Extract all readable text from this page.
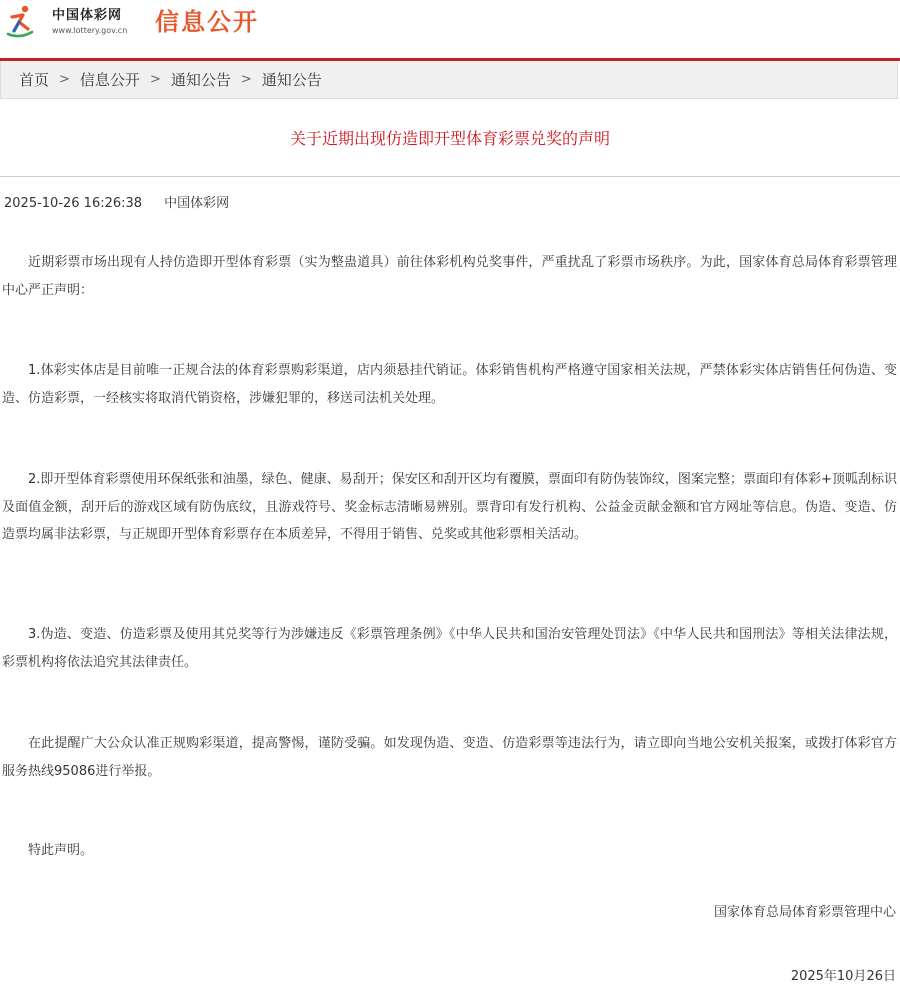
中国体彩网
www.lottery.gov.cn 信息公开
首页 > 信息公开 > 通知公告 > 通知公告
关于近期出现仿造即开型体育彩票兑奖的声明
2025-10-26 16:26:38 中国体彩网
近期彩票市场出现有人持仿造即开型体育彩票（实为整蛊道具）前往体彩机构兑奖事件，严重扰乱了彩票市场秩序。为此，国家体育总局体育彩票管理中心严正声明：
1.体彩实体店是目前唯一正规合法的体育彩票购彩渠道，店内须悬挂代销证。体彩销售机构严格遵守国家相关法规，严禁体彩实体店销售任何伪造、变造、仿造彩票，一经核实将取消代销资格，涉嫌犯罪的，移送司法机关处理。
2.即开型体育彩票使用环保纸张和油墨，绿色、健康、易刮开；保安区和刮开区均有覆膜，票面印有防伪装饰纹，图案完整；票面印有体彩+顶呱刮标识及面值金额，刮开后的游戏区域有防伪底纹，且游戏符号、奖金标志清晰易辨别。票背印有发行机构、公益金贡献金额和官方网址等信息。伪造、变造、仿造票均属非法彩票，与正规即开型体育彩票存在本质差异，不得用于销售、兑奖或其他彩票相关活动。
3.伪造、变造、仿造彩票及使用其兑奖等行为涉嫌违反《彩票管理条例》《中华人民共和国治安管理处罚法》《中华人民共和国刑法》等相关法律法规，彩票机构将依法追究其法律责任。
在此提醒广大公众认准正规购彩渠道，提高警惕，谨防受骗。如发现伪造、变造、仿造彩票等违法行为，请立即向当地公安机关报案，或拨打体彩官方服务热线95086进行举报。
特此声明。
国家体育总局体育彩票管理中心
2025年10月26日
